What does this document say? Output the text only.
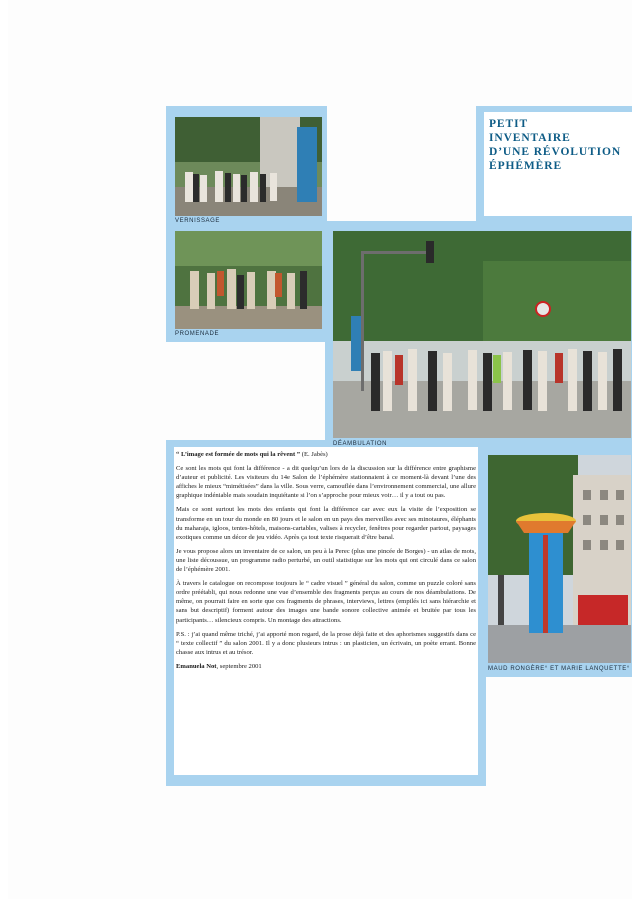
PETIT
INVENTAIRE
D’UNE RÉVOLUTION
ÉPHÉMÈRE
VERNISSAGE
PROMENADE
DÉAMBULATION
MAUD RONGÈRE° ET MARIE LANQUETTE°

“ L’image est formée de mots qui la rêvent ” (E. Jabès)

Ce sont les mots qui font la différence - a dit quelqu’un lors de la discussion sur la différence entre graphisme d’auteur et publicité. Les visiteurs du 14e Salon de l’éphémère stationnaient à ce moment-là devant l’une des affiches le mieux “mimétisées” dans la ville. Sous verre, camouflée dans l’environnement commercial, une allure graphique indéniable mais soudain inquiétante si l’on s’approche pour mieux voir… il y a tout ou pas.

Mais ce sont surtout les mots des enfants qui font la différence car avec eux la visite de l’exposition se transforme en un tour du monde en 80 jours et le salon en un pays des merveilles avec ses minotaures, éléphants du maharaja, igloos, tentes-hôtels, maisons-cartables, valises à recycler, fenêtres pour regarder partout, paysages exotiques comme un décor de jeu vidéo. Après ça tout texte risquerait d’être banal.

Je vous propose alors un inventaire de ce salon, un peu à la Perec (plus une pincée de Borges) - un atlas de mots, une liste découssue, un programme radio perturbé, un outil statistique sur les mots qui ont circulé dans ce salon de l’éphémère 2001.

À travers le catalogue on recompose toujours le “ cadre visuel ” général du salon, comme un puzzle coloré sans ordre préétabli, qui nous redonne une vue d’ensemble des fragments perçus au cours de nos déambulations. De même, on pourrait faire en sorte que ces fragments de phrases, interviews, lettres (empilés ici sans hiérarchie et sans but descriptif) forment autour des images une bande sonore collective animée et bruitée par tous les participants… silencieux compris. Un montage des attractions.

P.S. : j’ai quand même triché, j’ai apporté mon regard, de la prose déjà faite et des aphorismes suggestifs dans ce “ texte collectif ” du salon 2001. Il y a donc plusieurs intrus : un plasticien, un écrivain, un poète errant. Bonne chasse aux intrus et au trésor.

Emanuela Not, septembre 2001
